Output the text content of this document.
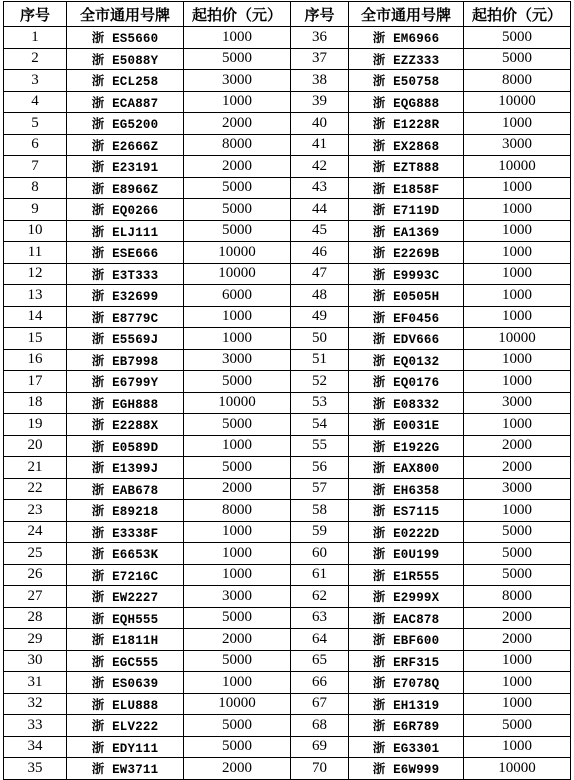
序号	全市通用号牌	起拍价（元）	序号	全市通用号牌	起拍价（元）
1	浙 ES5660	1000	36	浙 EM6966	5000
2	浙 E5088Y	5000	37	浙 EZZ333	5000
3	浙 ECL258	3000	38	浙 E50758	8000
4	浙 ECA887	1000	39	浙 EQG888	10000
5	浙 EG5200	2000	40	浙 E1228R	1000
6	浙 E2666Z	8000	41	浙 EX2868	3000
7	浙 E23191	2000	42	浙 EZT888	10000
8	浙 E8966Z	5000	43	浙 E1858F	1000
9	浙 EQ0266	5000	44	浙 E7119D	1000
10	浙 ELJ111	5000	45	浙 EA1369	1000
11	浙 ESE666	10000	46	浙 E2269B	1000
12	浙 E3T333	10000	47	浙 E9993C	1000
13	浙 E32699	6000	48	浙 E0505H	1000
14	浙 E8779C	1000	49	浙 EF0456	1000
15	浙 E5569J	1000	50	浙 EDV666	10000
16	浙 EB7998	3000	51	浙 EQ0132	1000
17	浙 E6799Y	5000	52	浙 EQ0176	1000
18	浙 EGH888	10000	53	浙 E08332	3000
19	浙 E2288X	5000	54	浙 E0031E	1000
20	浙 E0589D	1000	55	浙 E1922G	2000
21	浙 E1399J	5000	56	浙 EAX800	2000
22	浙 EAB678	2000	57	浙 EH6358	3000
23	浙 E89218	8000	58	浙 ES7115	1000
24	浙 E3338F	1000	59	浙 E0222D	5000
25	浙 E6653K	1000	60	浙 E0U199	5000
26	浙 E7216C	1000	61	浙 E1R555	5000
27	浙 EW2227	3000	62	浙 E2999X	8000
28	浙 EQH555	5000	63	浙 EAC878	2000
29	浙 E1811H	2000	64	浙 EBF600	2000
30	浙 EGC555	5000	65	浙 ERF315	1000
31	浙 ES0639	1000	66	浙 E7078Q	1000
32	浙 ELU888	10000	67	浙 EH1319	1000
33	浙 ELV222	5000	68	浙 E6R789	5000
34	浙 EDY111	5000	69	浙 EG3301	1000
35	浙 EW3711	2000	70	浙 E6W999	10000
